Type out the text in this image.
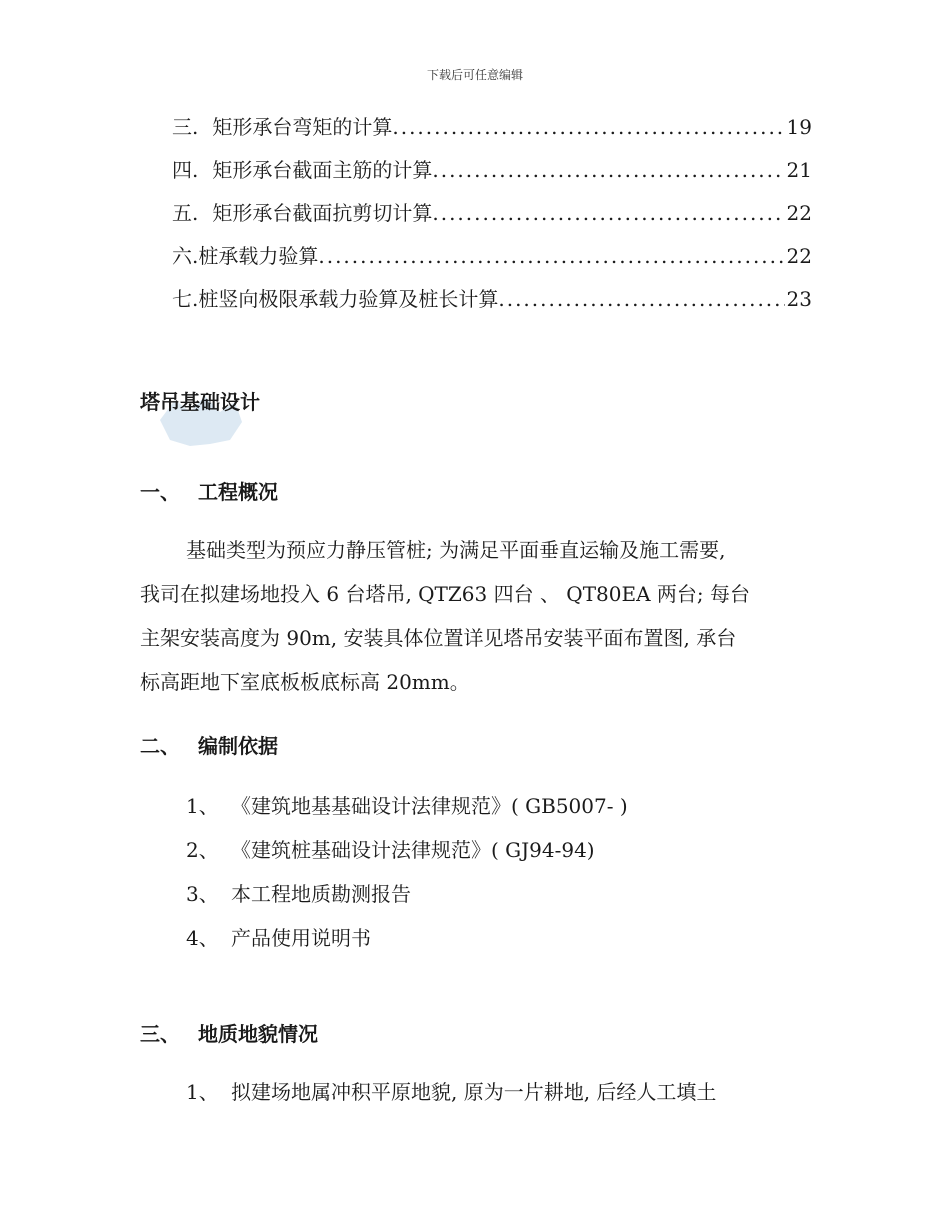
下载后可任意编辑
三. 矩形承台弯矩的计算 .....	19
四. 矩形承台截面主筋的计算 .....	21
五. 矩形承台截面抗剪切计算 .....	22
六. 桩承载力验算 .....	22
七. 桩竖向极限承载力验算及桩长计算 .....	23
塔吊基础设计
一、 工程概况
基础类型为预应力静压管桩; 为满足平面垂直运输及施工需要,
我司在拟建场地投入 6 台塔吊, QTZ63 四台 、 QT80EA 两台; 每台
主架安装高度为 90m, 安装具体位置详见塔吊安装平面布置图, 承台
标高距地下室底板板底标高 20mm。
二、 编制依据
1、 《建筑地基基础设计法律规范》( GB5007- )
2、 《建筑桩基础设计法律规范》( GJ94-94)
3、 本工程地质勘测报告
4、 产品使用说明书
三、 地质地貌情况
1、 拟建场地属冲积平原地貌, 原为一片耕地, 后经人工填土
